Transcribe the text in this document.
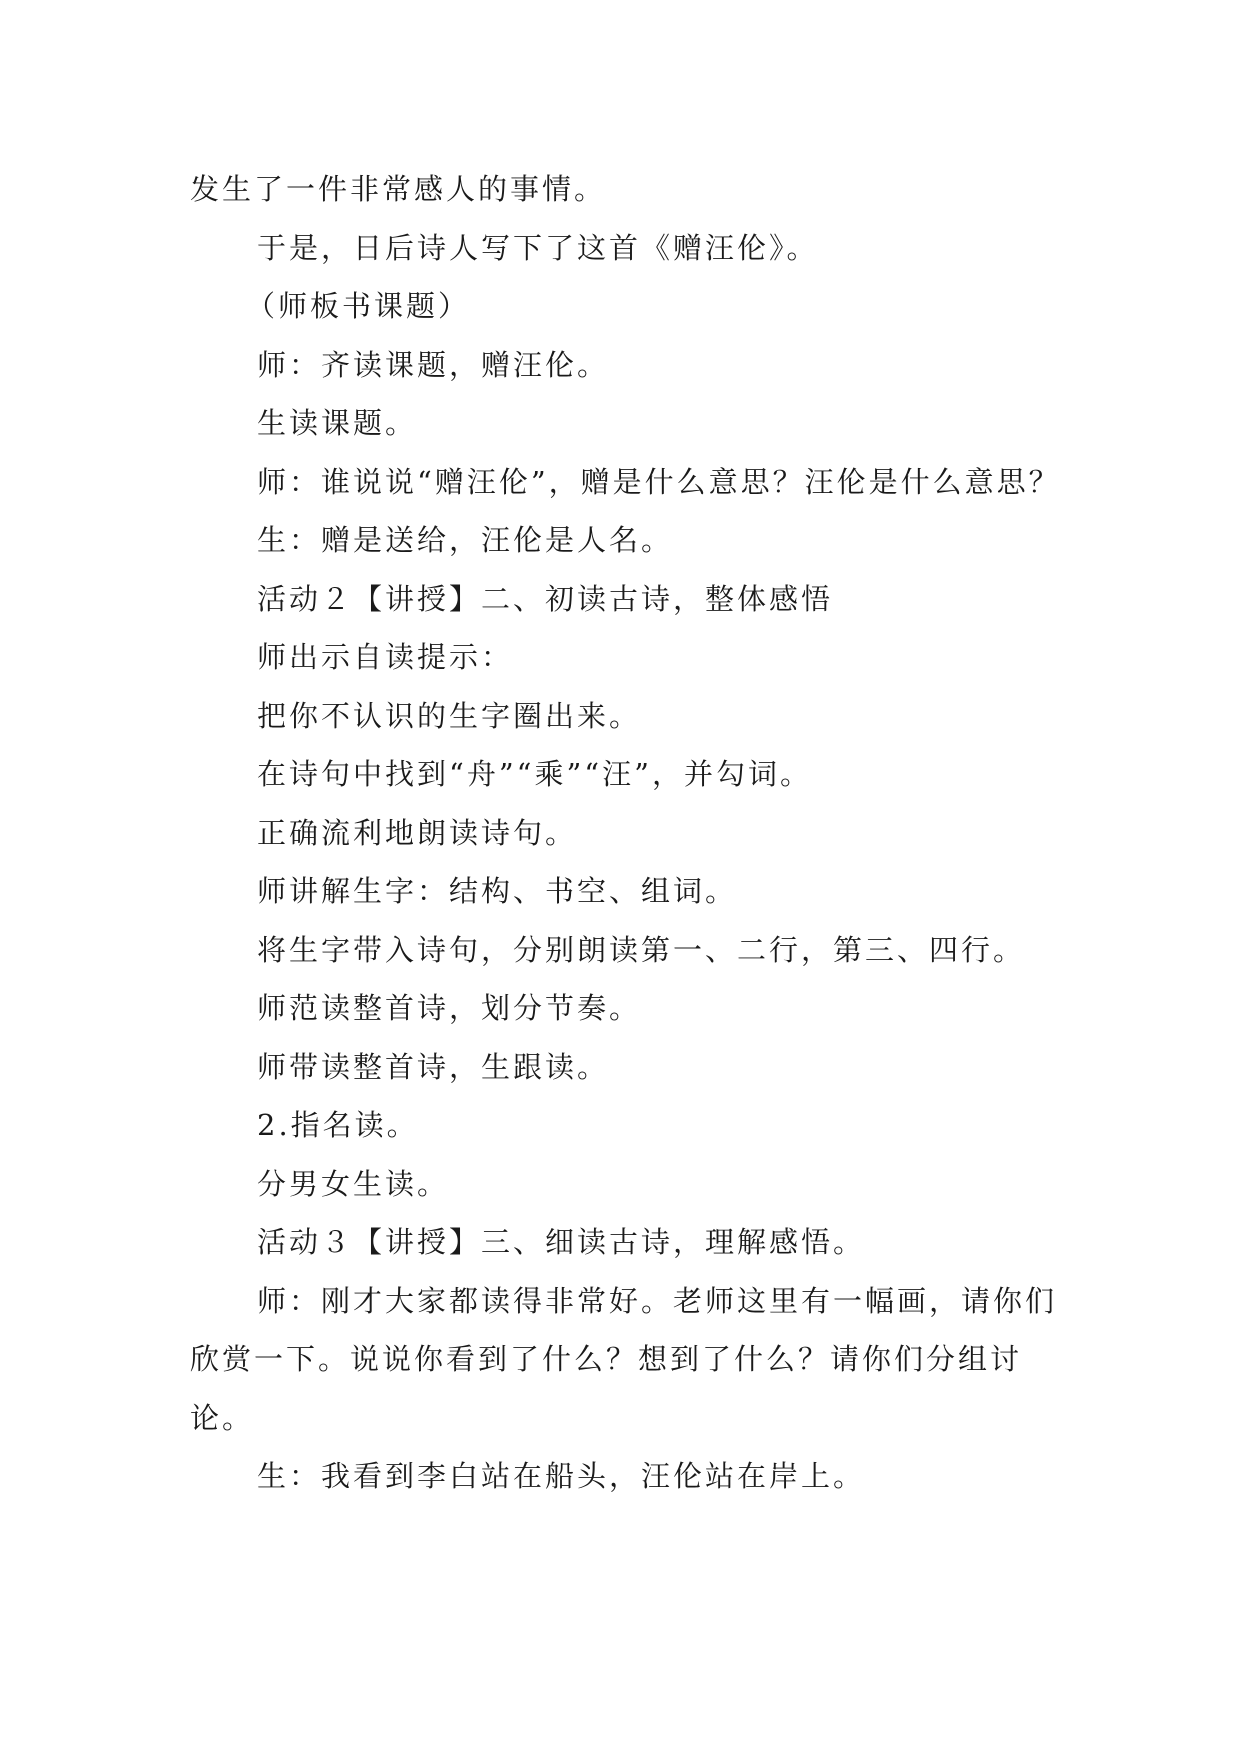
发生了一件非常感人的事情。

于是，日后诗人写下了这首《赠汪伦》。

（师板书课题）

师：齐读课题，赠汪伦。

生读课题。

师：谁说说“赠汪伦”，赠是什么意思？汪伦是什么意思？

生：赠是送给，汪伦是人名。

活动２【讲授】二、初读古诗，整体感悟

师出示自读提示：

把你不认识的生字圈出来。

在诗句中找到“舟”“乘”“汪”，并勾词。

正确流利地朗读诗句。

师讲解生字：结构、书空、组词。

将生字带入诗句，分别朗读第一、二行，第三、四行。

师范读整首诗，划分节奏。

师带读整首诗，生跟读。

2.指名读。

分男女生读。

活动３【讲授】三、细读古诗，理解感悟。

师：刚才大家都读得非常好。老师这里有一幅画，请你们欣赏一下。说说你看到了什么？想到了什么？请你们分组讨论。

生：我看到李白站在船头，汪伦站在岸上。
